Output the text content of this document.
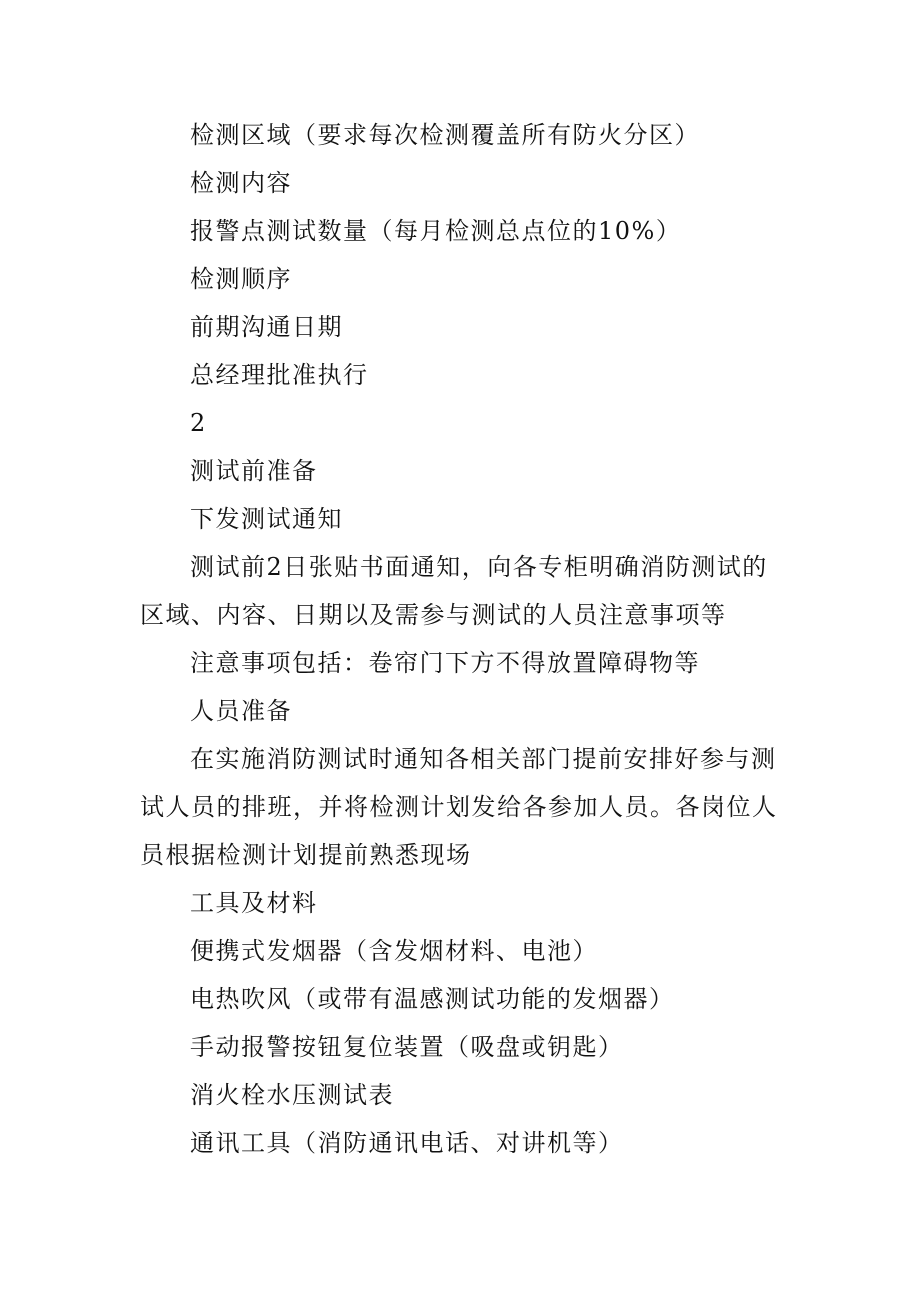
检测区域（要求每次检测覆盖所有防火分区）

检测内容

报警点测试数量（每月检测总点位的10%）

检测顺序

前期沟通日期

总经理批准执行

2

测试前准备

下发测试通知

测试前2日张贴书面通知，向各专柜明确消防测试的区域、内容、日期以及需参与测试的人员注意事项等

注意事项包括：卷帘门下方不得放置障碍物等

人员准备

在实施消防测试时通知各相关部门提前安排好参与测试人员的排班，并将检测计划发给各参加人员。各岗位人员根据检测计划提前熟悉现场

工具及材料

便携式发烟器（含发烟材料、电池）

电热吹风（或带有温感测试功能的发烟器）

手动报警按钮复位装置（吸盘或钥匙）

消火栓水压测试表

通讯工具（消防通讯电话、对讲机等）
